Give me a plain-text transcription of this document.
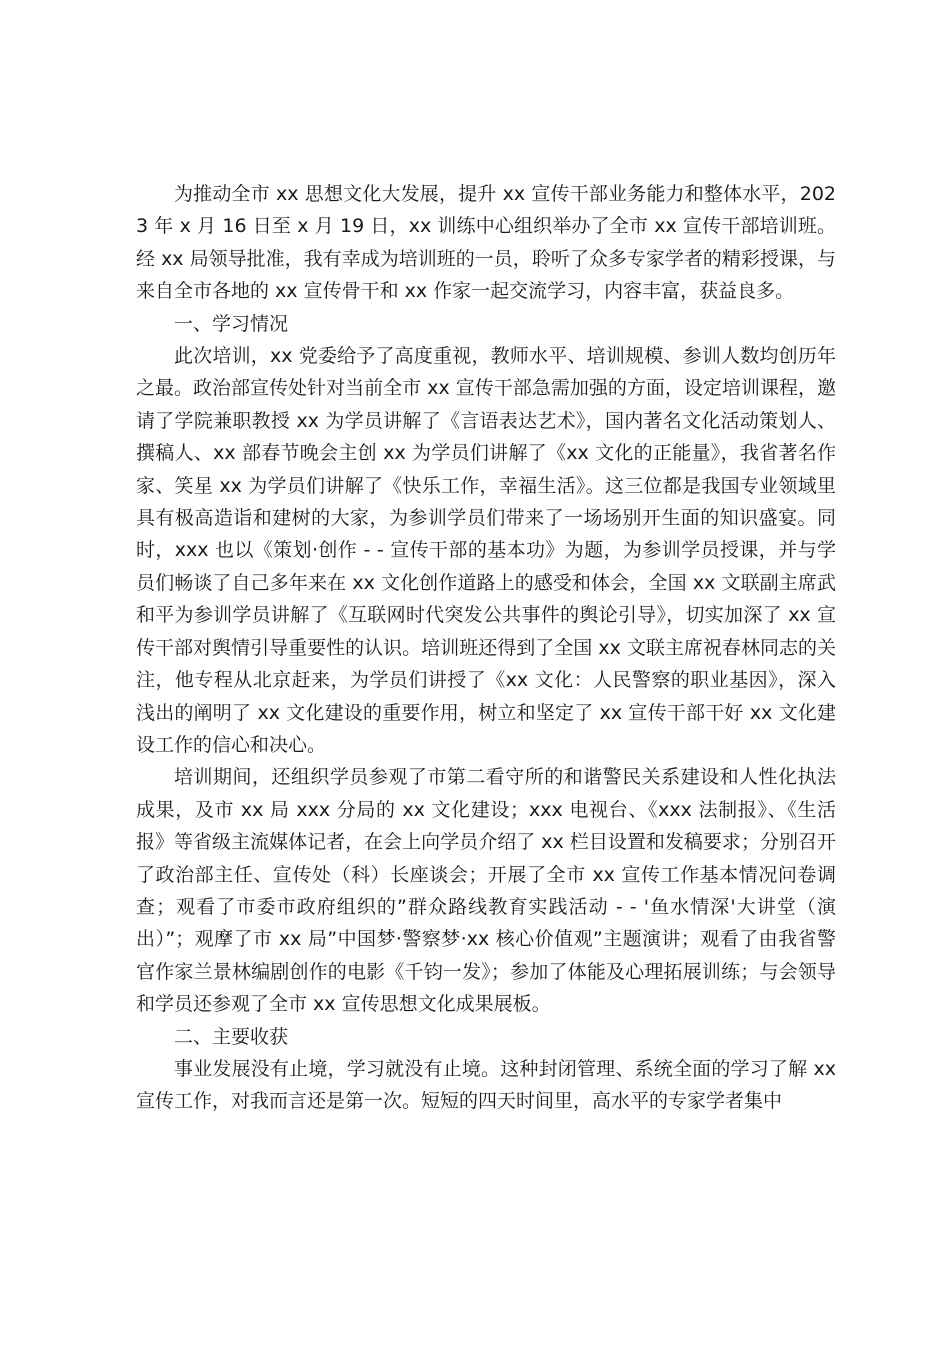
为推动全市 xx 思想文化大发展，提升 xx 宣传干部业务能力和整体水平，2023 年 x 月 16 日至 x 月 19 日，xx 训练中心组织举办了全市 xx 宣传干部培训班。经 xx 局领导批准，我有幸成为培训班的一员，聆听了众多专家学者的精彩授课，与来自全市各地的 xx 宣传骨干和 xx 作家一起交流学习，内容丰富，获益良多。

一、学习情况

此次培训，xx 党委给予了高度重视，教师水平、培训规模、参训人数均创历年之最。政治部宣传处针对当前全市 xx 宣传干部急需加强的方面，设定培训课程，邀请了学院兼职教授 xx 为学员讲解了《言语表达艺术》，国内著名文化活动策划人、撰稿人、xx 部春节晚会主创 xx 为学员们讲解了《xx 文化的正能量》，我省著名作家、笑星 xx 为学员们讲解了《快乐工作，幸福生活》。这三位都是我国专业领域里具有极高造诣和建树的大家，为参训学员们带来了一场场别开生面的知识盛宴。同时，xxx 也以《策划·创作 - - 宣传干部的基本功》为题，为参训学员授课，并与学员们畅谈了自己多年来在 xx 文化创作道路上的感受和体会，全国 xx 文联副主席武和平为参训学员讲解了《互联网时代突发公共事件的舆论引导》，切实加深了 xx 宣传干部对舆情引导重要性的认识。培训班还得到了全国 xx 文联主席祝春林同志的关注，他专程从北京赶来，为学员们讲授了《xx 文化：人民警察的职业基因》，深入浅出的阐明了 xx 文化建设的重要作用，树立和坚定了 xx 宣传干部干好 xx 文化建设工作的信心和决心。

培训期间，还组织学员参观了市第二看守所的和谐警民关系建设和人性化执法成果，及市 xx 局 xxx 分局的 xx 文化建设；xxx 电视台、《xxx 法制报》、《生活报》等省级主流媒体记者，在会上向学员介绍了 xx 栏目设置和发稿要求；分别召开了政治部主任、宣传处（科）长座谈会；开展了全市 xx 宣传工作基本情况问卷调查；观看了市委市政府组织的”群众路线教育实践活动 - - '鱼水情深'大讲堂（演出）”；观摩了市 xx 局”中国梦·警察梦·xx 核心价值观”主题演讲；观看了由我省警官作家兰景林编剧创作的电影《千钧一发》；参加了体能及心理拓展训练；与会领导和学员还参观了全市 xx 宣传思想文化成果展板。

二、主要收获

事业发展没有止境，学习就没有止境。这种封闭管理、系统全面的学习了解 xx 宣传工作，对我而言还是第一次。短短的四天时间里，高水平的专家学者集中
